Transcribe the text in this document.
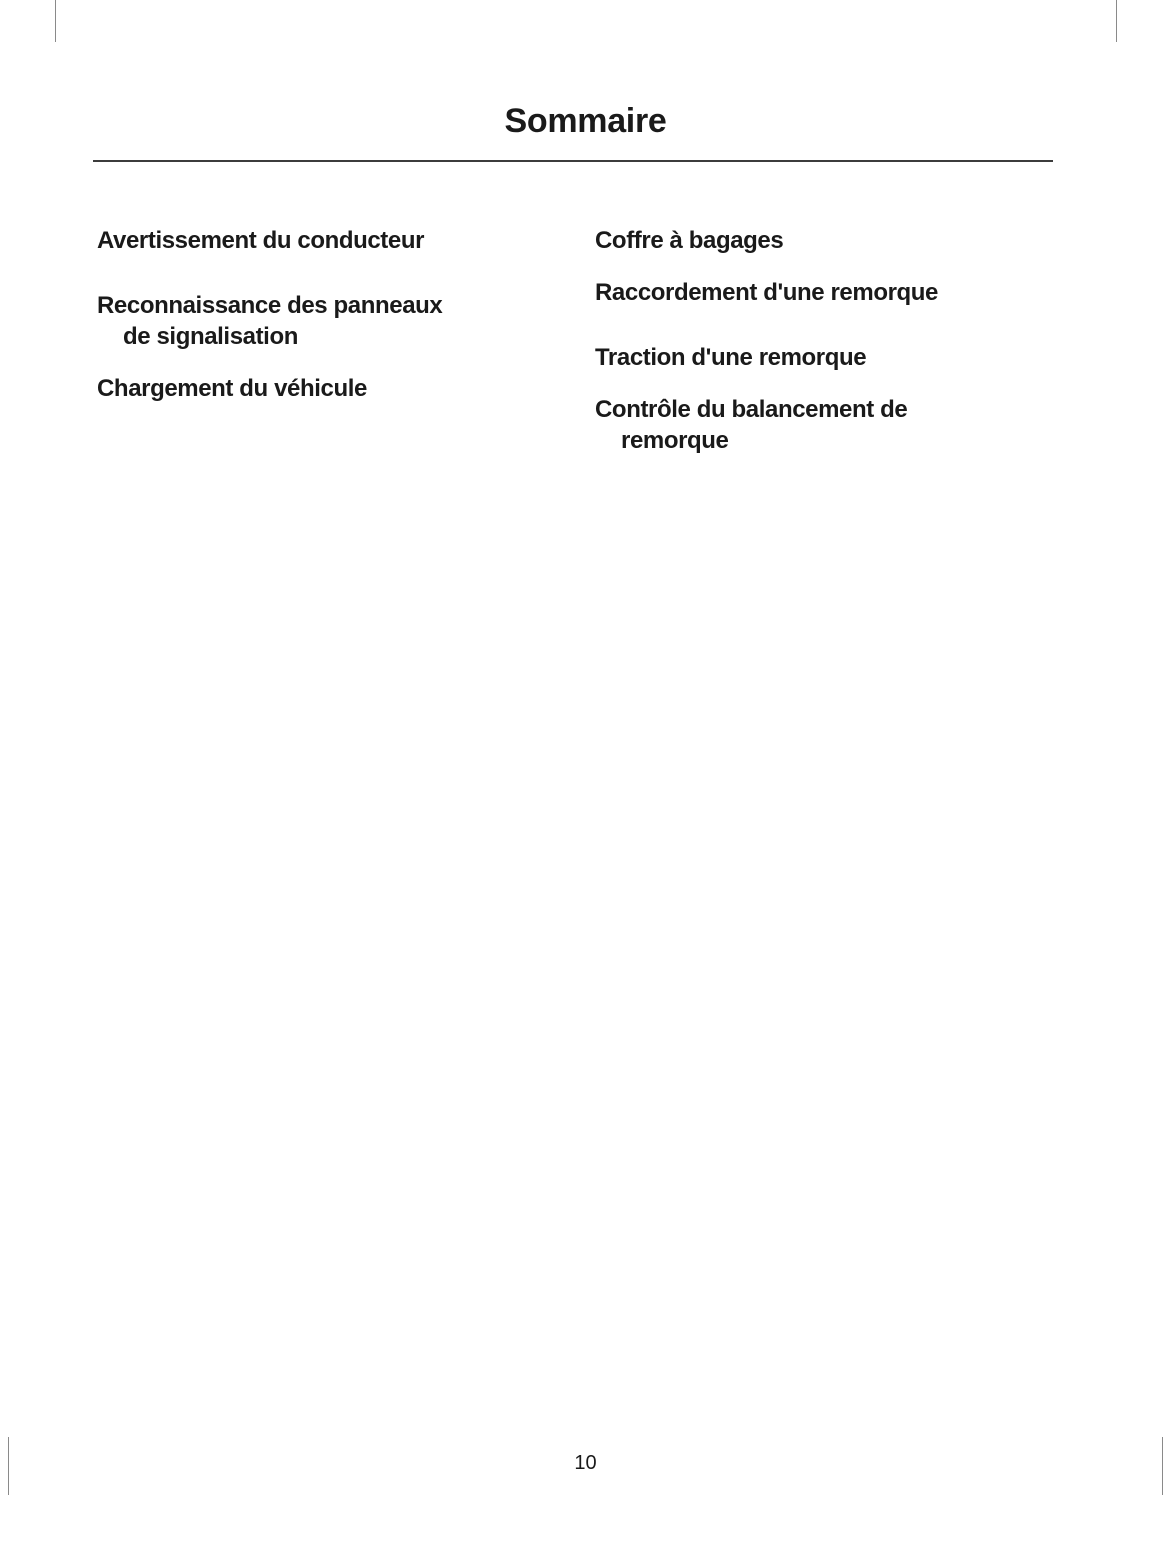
Sommaire
Avertissement du conducteur
Reconnaissance des panneaux
de signalisation
Chargement du véhicule
Coffre à bagages
Raccordement d'une remorque
Traction d'une remorque
Contrôle du balancement de
remorque
10
